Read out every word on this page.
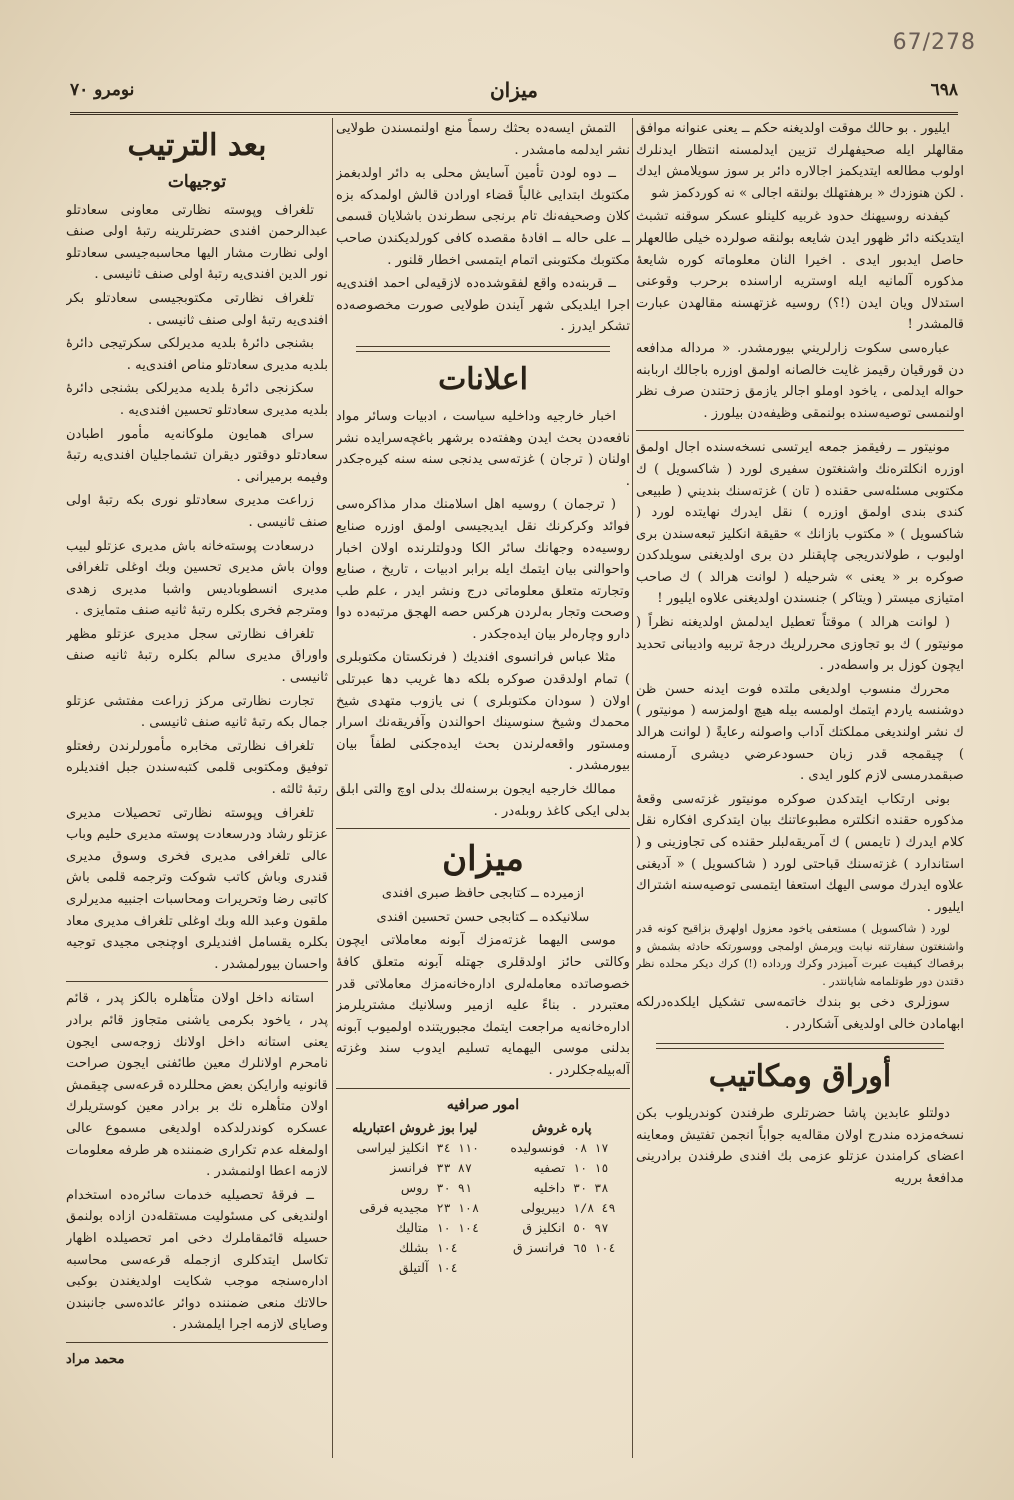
67/278
٦٩٨
ميزان
نومرو ٧٠

ايليور . بو حالك موقت اولديغنه حكم ــ يعنى عنوانه موافق مقالهلر ايله صحيفهلرك تزيين ايدلمسنه انتظار ايدنلرك اولوب مطالعه ايتديكمز اجالاره دائر بر سوز سويلامش ايدك . لكن هنوزدك « برهفتهلك بولنقه اجالى » نه كوردكمز شو

كيفدنه روسيهنك حدود غربيه كلينلو عسكر سوقنه تشبث ايتديكنه دائر ظهور ايدن شايعه بولنقه صولرده خيلى طالعهلر حاصل ايدبور ايدى . اخيرا النان معلوماته كوره شايعهٔ مذكوره آلمانيه ايله اوستريه اراسنده برحرب وقوعنى استدلال ويان ايدن (!؟) روسيه غزتهسنه مقالهدن عبارت قالمشدر !

عباره‌سى سكوت زارلريني بيورمشدر. « مرداله مدافعه دن قورقيان رقيمز غايت خالصانه اولمق اوزره باجالك اربابنه حواله ايدلمى ، ياخود اوملو اجالر يازمق زحتندن صرف نظر اولنمسى توصيه‌سنده بولنمقى وظيفه‌دن بيلورز .

مونيتور ــ رفيقمز جمعه ايرتسى نسخه‌سنده اجال اولمق اوزره انكلتره‌نك واشنغتون سفيرى لورد ( شاكسويل ) ك مكتوبى مسئله‌سى حقنده ( تان ) غزته‌سنك بنديني ( طبيعى كندى بندى اولمق اوزره ) نقل ايدرك نهايتده لورد ( شاكسويل ) « مكتوب بازانك » حقيقة انكليز تبعه‌سندن برى اولبوب ، طولاندريجى چاپقنلر دن برى اولديغنى سويلدكدن صوكره بر « يعنى » شرحيله ( لوانت هرالد ) ك صاحب امتيازى ميستر ( ويتاكر ) جنسندن اولديغنى علاوه ايليور !

( لوانت هرالد ) موقتاً تعطيل ايدلمش اولديغنه نظراً ( مونيتور ) ك بو تجاوزى محررلريك درجهٔ تربيه واديبانى تحديد ايچون كوزل بر واسطه‌در .

محررك منسوب اولديغى ملتده فوت ايدنه حسن ظن دوشنسه ياردم ايتمك اولمسه بيله هيچ اولمزسه ( مونيتور ) ك نشر اولنديغى مملكتك آداب واصولنه رعايةً ( لوانت هرالد ) چيقمجه قدر زبان حسودعرضي ديشرى آرمسنه صبقمدرمسى لازم كلور ايدى .

بونى ارتكاب ايتدكدن صوكره مونيتور غزته‌سى وقعهٔ مذكوره حقنده انكلتره مطبوعاتنك بيان ايتدكرى افكاره نقل كلام ايدرك ( تايمس ) ك آمريقه‌لبلر حقنده كى تجاوزينى و ( استاندارد ) غزته‌سنك قباحتى لورد ( شاكسويل ) « آديغنى علاوه ايدرك موسى اليهك استعفا ايتمسى توصيه‌سنه اشتراك ايليور .

لورد ( شاكسويل ) مستعفى ياخود معزول اولهرق بزاقيح كونه قدر واشنغتون سفارتنه نيابت ويرمش اولمجى ووسورتكه حادثه بشمش و برقصاك كيفيت عبرت آميزدر وكرك ورداده (!) كرك ديكر محلده نظر دقتدن دور طوتلمامه شايانتدر .

سوزلرى دخى بو بندك خاتمه‌سى تشكيل ايلكده‌درلكه ابهامادن خالى اولديغى آشكاردر .

أوراق ومكاتيب

دولتلو عابدين پاشا حضرتلرى طرفندن كوندريلوب بكن نسخه‌مزده مندرج اولان مقاله‌يه جواباً انجمن تفتيش ومعاينه اعضاى كرامندن عزتلو عزمى بك افندى طرفندن برادرينى مدافعهٔ برريه

التمش ايسه‌ده بحثك رسماً منع اولنمسندن طولايى نشر ايدلمه مامشدر .

ــ دوه لودن تأمين آسايش محلى به دائر اولدبغمز مكتوبك ابتدايى غالباً قضاء اورادن قالش اولمدكه بزه كلان وصحيفه‌نك تام برنجى سطرندن باشلايان قسمى ــ على حاله ــ افادهٔ مقصده كافى كورلديكندن صاحب مكتوبك مكتوبنى اتمام ايتمسى اخطار قلنور .

ــ قربنه‌ده واقع لفقوشده‌ده لازقيه‌لى احمد افندى‌يه اجرا ايلديكى شهر آيندن طولايى صورت مخصوصه‌ده تشكر ايدرز .

اعلانات

اخبار خارجيه وداخليه سياست ، ادبيات وسائر مواد نافعه‌دن بحث ايدن وهفته‌ده برشهر باغچه‌سرايده نشر اولنان ( ترجان ) غزته‌سى يدنجى سنه سنه كيره‌جكدر .

( ترجمان ) روسيه اهل اسلامنك مدار مذاكره‌سى فوائد وكركرنك نقل ايديجيسى اولمق اوزره صنايع روسيه‌ده وجهانك سائر الكا ودولتلرنده اولان اخبار واحوالنى بيان ايتمك ايله برابر ادبيات ، تاريخ ، صنايع وتجارته متعلق معلوماتى درج ونشر ايدر ، علم طب وصحت وتجار به‌لردن هركس حصه الهجق مرتبه‌ده دوا دارو وچاره‌لر بيان ايده‌جكدر .

مثلا عباس فرانسوى افنديك ( فرنكستان مكتوبلرى ) تمام اولدقدن صوكره بلكه دها غريب دها عبرتلى اولان ( سودان مكتوبلرى ) نى يازوب متهدى شيخ محمدك وشيخ سنوسينك احوالندن وآفريقه‌نك اسرار ومستور واقعه‌لرندن بحث ايده‌جكنى لطفاً بيان بيورمشدر .

ممالك خارجيه ايجون برسنه‌لك بدلى اوچ والتى ابلق بدلى ايكى كاغذ روبله‌در .

ميزان

ازميرده ــ كتابجى حافظ صبرى افندى

سلانيكده ــ كتابجى حسن تحسين افندى

موسى اليهما غزته‌مزك آبونه معاملاتى ايچون وكالتى حائز اولدقلرى جهتله آبونه متعلق كافهٔ خصوصاتده معامله‌لرى اداره‌خانه‌مزك معاملاتى قدر معتبردر . بناءً عليه ازمير وسلانيك مشتريلرمز اداره‌خانه‌يه مراجعت ايتمك مجبوريتنده اولميوب آبونه بدلنى موسى اليهمايه تسليم ايدوب سند وغزته آله‌بيله‌جكلردر .

امور صرافيه
پاره غروش		ليرا بوز غروش اعتباريله	
١٧ ٠٨	فونسوليده	١١٠ ٣٤	انكليز ليراسى
١٥ ١٠	تصفيه	٨٧ ٣٣	فرانسز
٣٨ ٣٠	داخليه	٩١ ٣٠	روس
٤٩ ١/٨	ديبريولى	١٠٨ ٢٣	مجيديه فرقى
٩٧ ٥٠	انكليز ق	١٠٤ ١٠	متاليك
١٠٤ ٦٥	فرانسز ق	١٠٤	بشلك
		١٠٤	آلتيلق
بعد الترتيب
توجيهات

تلغراف وپوسته نظارتى معاونى سعادتلو عبدالرحمن افندى حضرتلرينه رتبهٔ اولى صنف اولى نظارت مشار اليها محاسبه‌جيسى سعادتلو نور الدين افندى‌يه رتبهٔ اولى صنف ثانيسى .

تلغراف نظارتى مكتوبجيسى سعادتلو بكر افندى‌يه رتبهٔ اولى صنف ثانيسى .

بشنجى دائرهٔ بلديه مديرلكى سكرتيجى دائرهٔ بلديه مديرى سعادتلو مناص افندى‌يه .

سكزنجى دائرهٔ بلديه مديرلكى بشنجى دائرهٔ بلديه مديرى سعادتلو تحسين افندى‌يه .

سراى همايون ملوكانه‌يه مأمور اطبادن سعادتلو دوقتور ديقران تشماجليان افندى‌يه رتبهٔ وفيمه برميرانى .

زراعت مديرى سعادتلو نورى بكه رتبهٔ اولى صنف ثانيسى .

درسعادت پوسته‌خانه باش مديرى عزتلو لبيب ووان باش مديرى تحسين وبك اوغلى تلغرافى مديرى انسطوباديس واشبا مديرى زهدى ومترجم فخرى بكلره رتبهٔ ثانيه صنف متمايزى .

تلغراف نظارتى سجل مديرى عزتلو مظهر واوراق مديرى سالم بكلره رتبهٔ ثانيه صنف ثانيسى .

تجارت نظارتى مركز زراعت مفتشى عزتلو جمال بكه رتبهٔ ثانيه صنف ثانيسى .

تلغراف نظارتى مخابره مأمورلرندن رفعتلو توفيق ومكتوبى قلمى كتبه‌سندن جبل افنديلره رتبهٔ ثالثه .

تلغراف وپوسته نظارتى تحصيلات مديرى عزتلو رشاد ودرسعادت پوسته مديرى حليم وباب عالى تلغرافى مديرى فخرى وسوق مديرى قندرى وباش كاتب شوكت وترجمه قلمى باش كاتبى رضا وتحريرات ومحاسبات اجنبيه مديرلرى ملقون وعبد الله وبك اوغلى تلغراف مديرى معاد بكلره يقسامل افنديلرى اوچنجى مجيدى توجيه واحسان بيورلمشدر .

استانه داخل اولان متأهلره بالكز پدر ، قائم پدر ، ياخود بكرمى ياشنى متجاوز قائم برادر يعنى استانه داخل اولانك زوجه‌سى ايجون نامحرم اولانلرك معين طائفنى ايجون صراحت قانونيه وارايكن بعض محللرده قرعه‌سى چيقمش اولان متأهلره نك بر برادر معين كوستريلرك عسكره كوندرلدكده اولديغى مسموع عالى اولمغله عدم تكرارى ضمننده هر طرفه معلومات لازمه اعطا اولنمشدر .

ــ فرقهٔ تحصيليه خدمات سائره‌ده استخدام اولنديغى كى مسئوليت مستقله‌دن ازاده بولنمق حسيله قائمقاملرك دخى امر تحصيلده اظهار تكاسل ايتدكلرى ازجمله قرعه‌سى محاسبه اداره‌سنجه موجب شكايت اولديغندن بوكبى حالاتك منعى ضمننده دوائر عائده‌سى جانبندن وصاياى لازمه اجرا ايلمشدر .

محمد مراد
